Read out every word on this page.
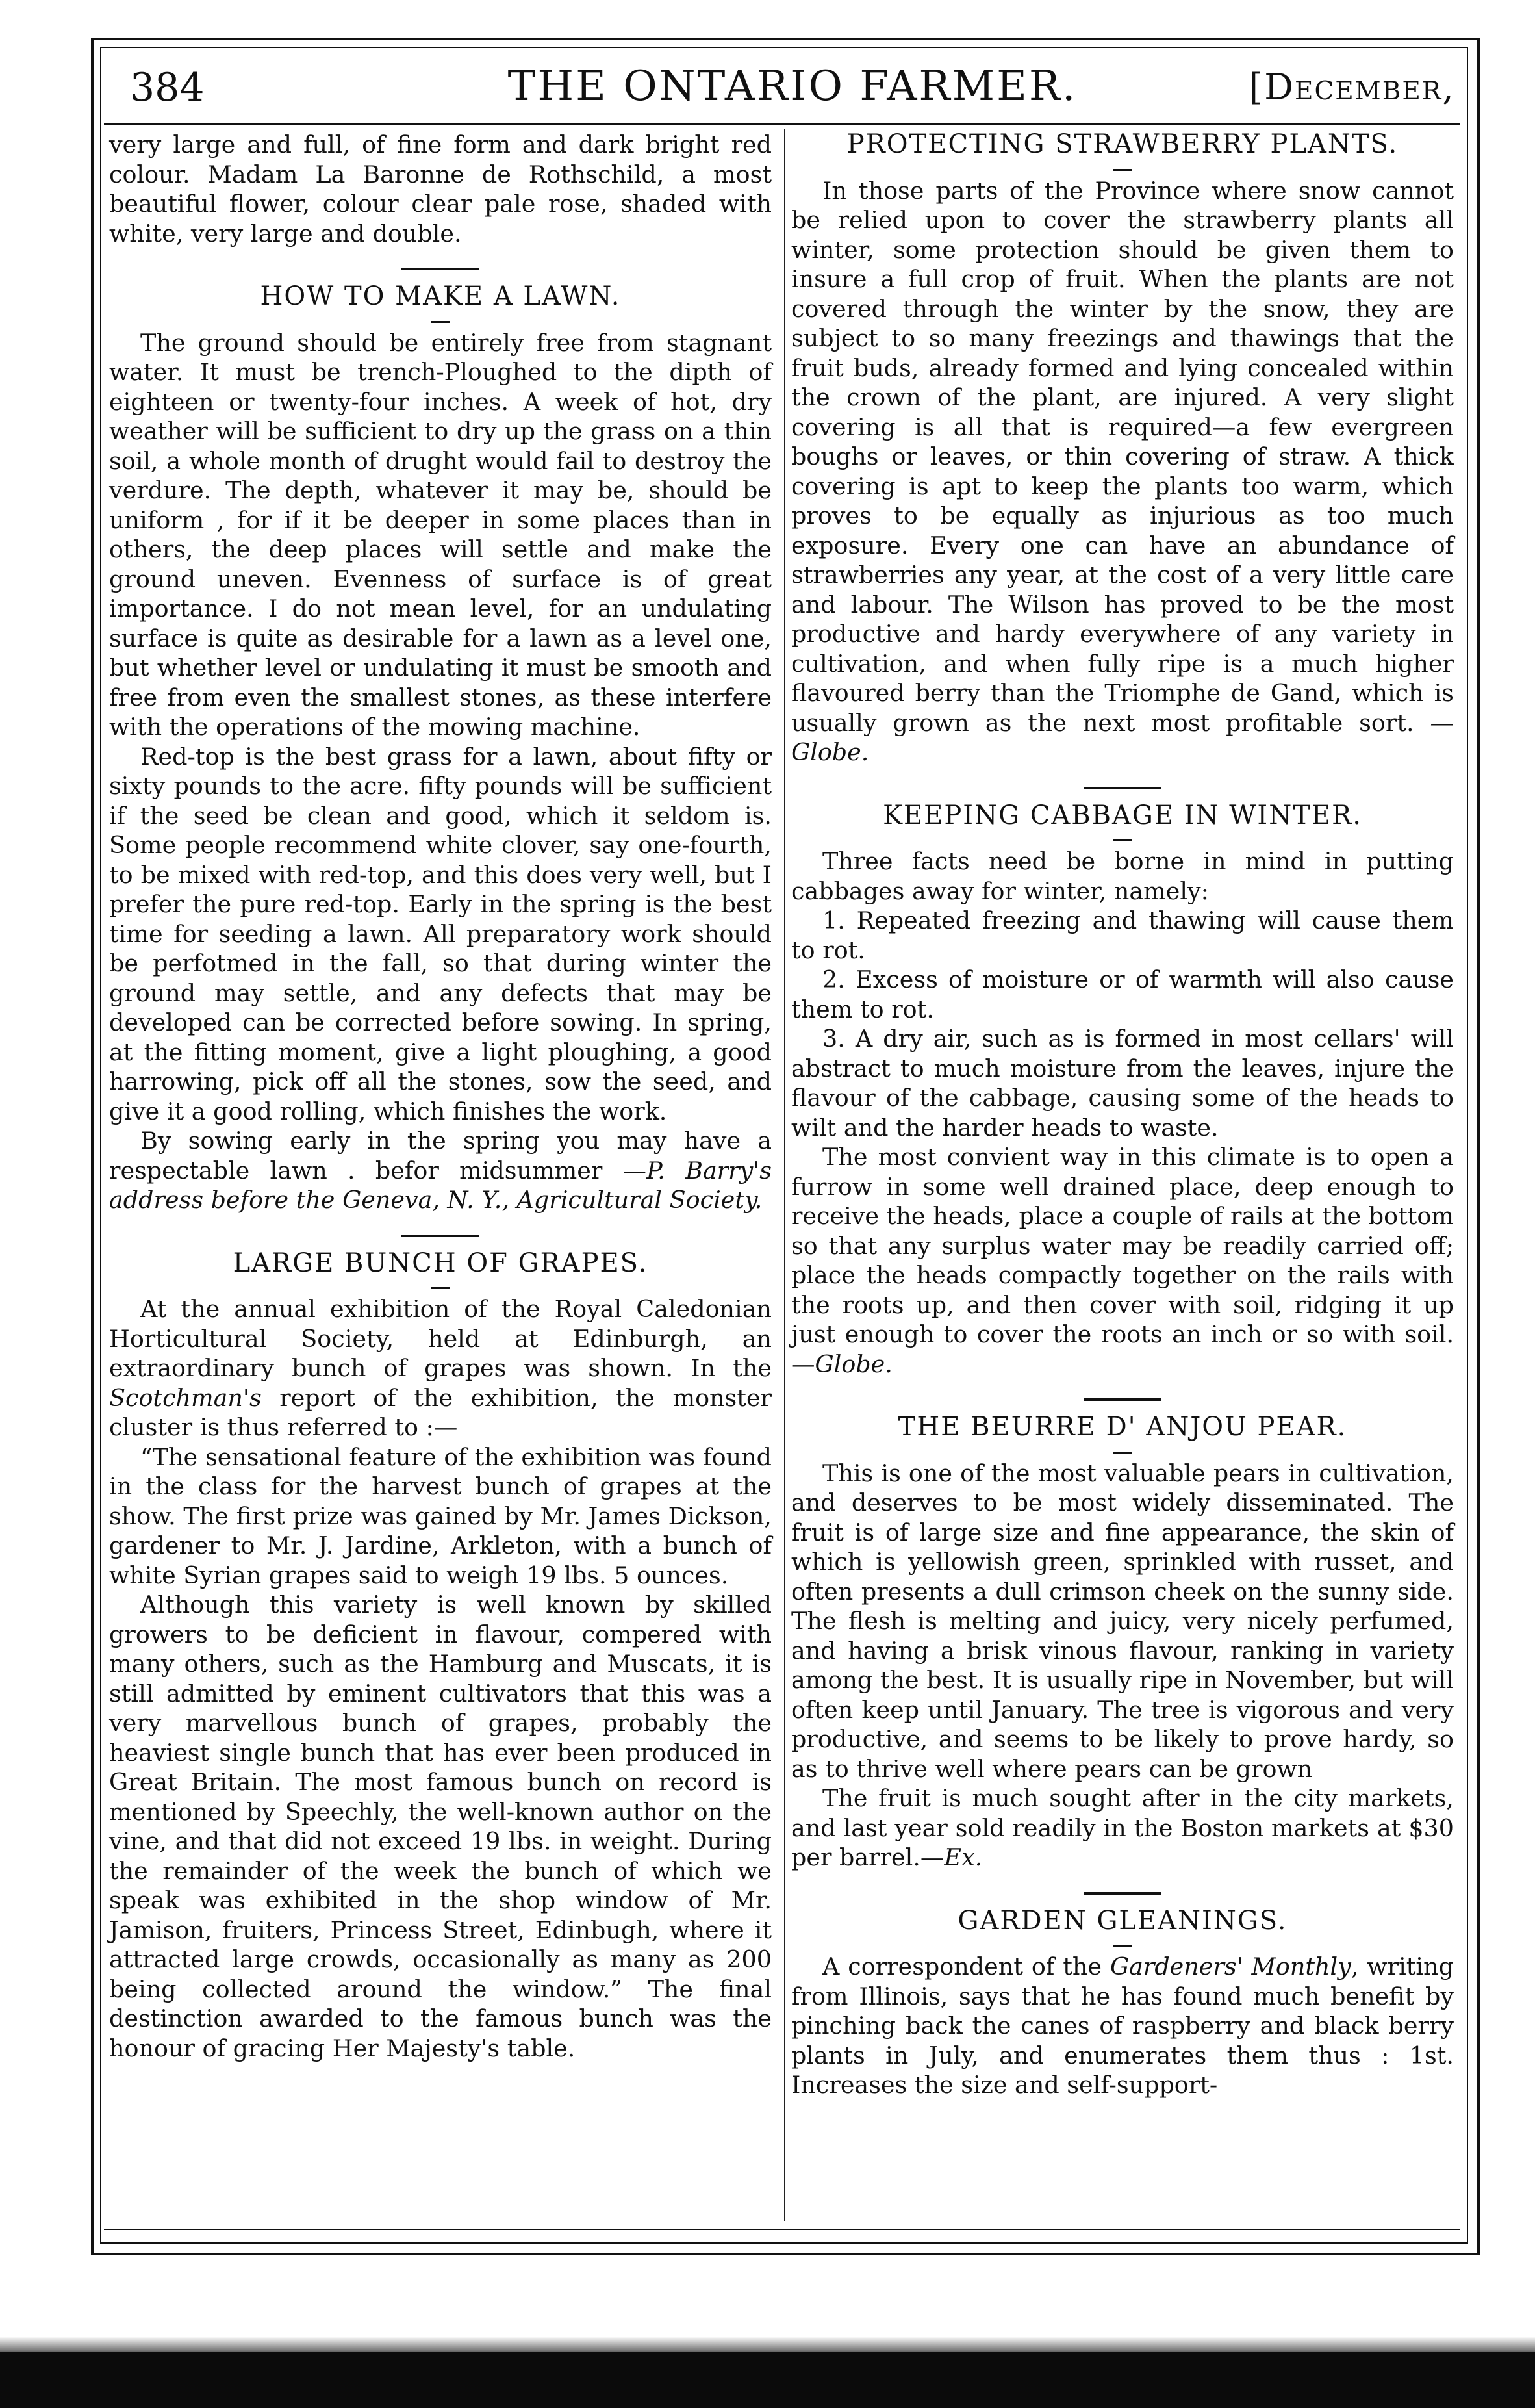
384	THE ONTARIO FARMER.	[December,

very large and full, of fine form and dark bright red colour. Madam La Baronne de Rothschild, a most beautiful flower, colour clear pale rose, shaded with white, very large and double.

HOW TO MAKE A LAWN.

The ground should be entirely free from stagnant water. It must be trench-Ploughed to the dipth of eighteen or twenty-four inches. A week of hot, dry weather will be sufficient to dry up the grass on a thin soil, a whole month of drught would fail to destroy the verdure. The depth, whatever it may be, should be uniform , for if it be deeper in some places than in others, the deep places will settle and make the ground uneven. Evenness of surface is of great importance. I do not mean level, for an undulating surface is quite as desirable for a lawn as a level one, but whether level or undulating it must be smooth and free from even the smallest stones, as these interfere with the operations of the mowing machine.

Red-top is the best grass for a lawn, about fifty or sixty pounds to the acre. fifty pounds will be sufficient if the seed be clean and good, which it seldom is. Some people recommend white clover, say one-fourth, to be mixed with red-top, and this does very well, but I prefer the pure red-top. Early in the spring is the best time for seeding a lawn. All preparatory work should be perfotmed in the fall, so that during winter the ground may settle, and any defects that may be developed can be corrected before sowing. In spring, at the fitting moment, give a light ploughing, a good harrowing, pick off all the stones, sow the seed, and give it a good rolling, which finishes the work.

By sowing early in the spring you may have a respectable lawn . befor midsummer —P. Barry's address before the Geneva, N. Y., Agricultural Society.

LARGE BUNCH OF GRAPES.

At the annual exhibition of the Royal Caledonian Horticultural Society, held at Edinburgh, an extraordinary bunch of grapes was shown. In the Scotchman's report of the exhibition, the monster cluster is thus referred to :—

“The sensational feature of the exhibition was found in the class for the harvest bunch of grapes at the show. The first prize was gained by Mr. James Dickson, gardener to Mr. J. Jardine, Arkleton, with a bunch of white Syrian grapes said to weigh 19 lbs. 5 ounces.

Although this variety is well known by skilled growers to be deficient in flavour, compered with many others, such as the Hamburg and Muscats, it is still admitted by eminent cultivators that this was a very marvellous bunch of grapes, probably the heaviest single bunch that has ever been produced in Great Britain. The most famous bunch on record is mentioned by Speechly, the well-known author on the vine, and that did not exceed 19 lbs. in weight. During the remainder of the week the bunch of which we speak was exhibited in the shop window of Mr. Jamison, fruiters, Princess Street, Edinbugh, where it attracted large crowds, occasionally as many as 200 being collected around the window.” The final destinction awarded to the famous bunch was the honour of gracing Her Majesty's table.

PROTECTING STRAWBERRY PLANTS.

In those parts of the Province where snow cannot be relied upon to cover the strawberry plants all winter, some protection should be given them to insure a full crop of fruit. When the plants are not covered through the winter by the snow, they are subject to so many freezings and thawings that the fruit buds, already formed and lying concealed within the crown of the plant, are injured. A very slight covering is all that is required—a few evergreen boughs or leaves, or thin covering of straw. A thick covering is apt to keep the plants too warm, which proves to be equally as injurious as too much exposure. Every one can have an abundance of strawberries any year, at the cost of a very little care and labour. The Wilson has proved to be the most productive and hardy everywhere of any variety in cultivation, and when fully ripe is a much higher flavoured berry than the Triomphe de Gand, which is usually grown as the next most profitable sort. —Globe.

KEEPING CABBAGE IN WINTER.

Three facts need be borne in mind in putting cabbages away for winter, namely:

1. Repeated freezing and thawing will cause them to rot.

2. Excess of moisture or of warmth will also cause them to rot.

3. A dry air, such as is formed in most cellars' will abstract to much moisture from the leaves, injure the flavour of the cabbage, causing some of the heads to wilt and the harder heads to waste.

The most convient way in this climate is to open a furrow in some well drained place, deep enough to receive the heads, place a couple of rails at the bottom so that any surplus water may be readily carried off; place the heads compactly together on the rails with the roots up, and then cover with soil, ridging it up just enough to cover the roots an inch or so with soil.—Globe.

THE BEURRE D' ANJOU PEAR.

This is one of the most valuable pears in cultivation, and deserves to be most widely disseminated. The fruit is of large size and fine appearance, the skin of which is yellowish green, sprinkled with russet, and often presents a dull crimson cheek on the sunny side. The flesh is melting and juicy, very nicely perfumed, and having a brisk vinous flavour, ranking in variety among the best. It is usually ripe in November, but will often keep until January. The tree is vigorous and very productive, and seems to be likely to prove hardy, so as to thrive well where pears can be grown

The fruit is much sought after in the city markets, and last year sold readily in the Boston markets at $30 per barrel.—Ex.

GARDEN GLEANINGS.

A correspondent of the Gardeners' Monthly, writing from Illinois, says that he has found much benefit by pinching back the canes of raspberry and black berry plants in July, and enumerates them thus : 1st. Increases the size and self-support-
